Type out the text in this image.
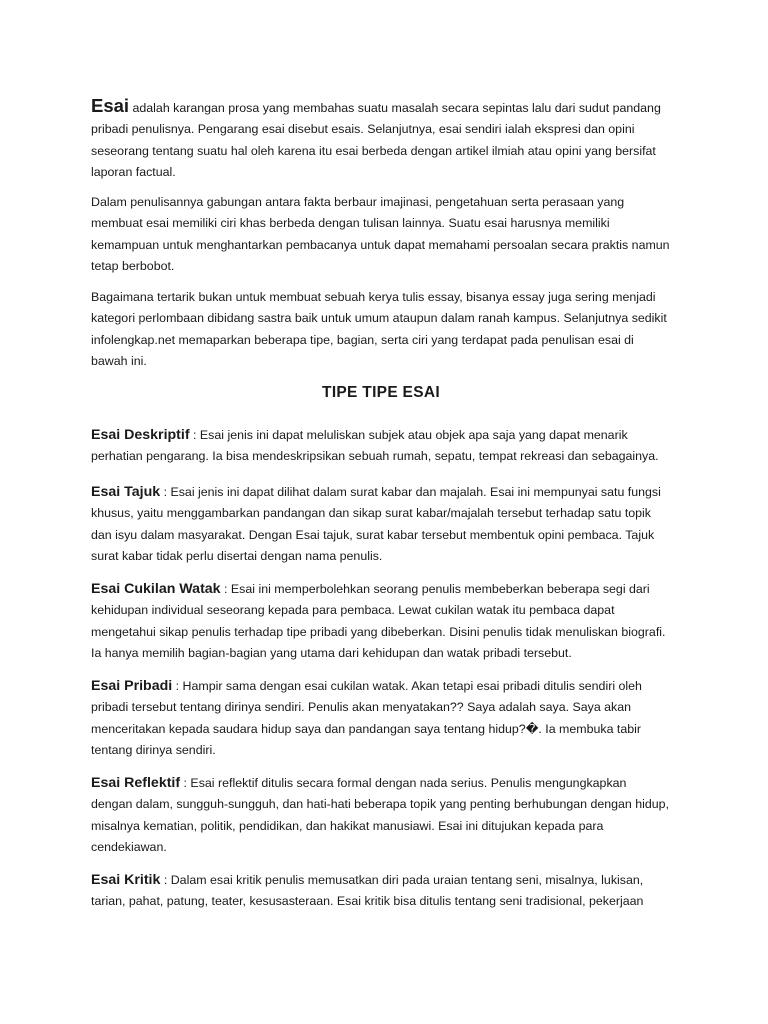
Esai adalah karangan prosa yang membahas suatu masalah secara sepintas lalu dari sudut pandang pribadi penulisnya. Pengarang esai disebut esais. Selanjutnya, esai sendiri ialah ekspresi dan opini seseorang tentang suatu hal oleh karena itu esai berbeda dengan artikel ilmiah atau opini yang bersifat laporan factual.

Dalam penulisannya gabungan antara fakta berbaur imajinasi, pengetahuan serta perasaan yang membuat esai memiliki ciri khas berbeda dengan tulisan lainnya. Suatu esai harusnya memiliki kemampuan untuk menghantarkan pembacanya untuk dapat memahami persoalan secara praktis namun tetap berbobot.

Bagaimana tertarik bukan untuk membuat sebuah kerya tulis essay, bisanya essay juga sering menjadi kategori perlombaan dibidang sastra baik untuk umum ataupun dalam ranah kampus. Selanjutnya sedikit infolengkap.net memaparkan beberapa tipe, bagian, serta ciri yang terdapat pada penulisan esai di bawah ini.

TIPE TIPE ESAI

Esai Deskriptif : Esai jenis ini dapat meluliskan subjek atau objek apa saja yang dapat menarik perhatian pengarang. Ia bisa mendeskripsikan sebuah rumah, sepatu, tempat rekreasi dan sebagainya.

Esai Tajuk : Esai jenis ini dapat dilihat dalam surat kabar dan majalah. Esai ini mempunyai satu fungsi khusus, yaitu menggambarkan pandangan dan sikap surat kabar/majalah tersebut terhadap satu topik dan isyu dalam masyarakat. Dengan Esai tajuk, surat kabar tersebut membentuk opini pembaca. Tajuk surat kabar tidak perlu disertai dengan nama penulis.

Esai Cukilan Watak : Esai ini memperbolehkan seorang penulis membeberkan beberapa segi dari kehidupan individual seseorang kepada para pembaca. Lewat cukilan watak itu pembaca dapat mengetahui sikap penulis terhadap tipe pribadi yang dibeberkan. Disini penulis tidak menuliskan biografi. Ia hanya memilih bagian-bagian yang utama dari kehidupan dan watak pribadi tersebut.

Esai Pribadi : Hampir sama dengan esai cukilan watak. Akan tetapi esai pribadi ditulis sendiri oleh pribadi tersebut tentang dirinya sendiri. Penulis akan menyatakan?? Saya adalah saya. Saya akan menceritakan kepada saudara hidup saya dan pandangan saya tentang hidup?�. Ia membuka tabir tentang dirinya sendiri.

Esai Reflektif : Esai reflektif ditulis secara formal dengan nada serius. Penulis mengungkapkan dengan dalam, sungguh-sungguh, dan hati-hati beberapa topik yang penting berhubungan dengan hidup, misalnya kematian, politik, pendidikan, dan hakikat manusiawi. Esai ini ditujukan kepada para cendekiawan.

Esai Kritik : Dalam esai kritik penulis memusatkan diri pada uraian tentang seni, misalnya, lukisan, tarian, pahat, patung, teater, kesusasteraan. Esai kritik bisa ditulis tentang seni tradisional, pekerjaan
